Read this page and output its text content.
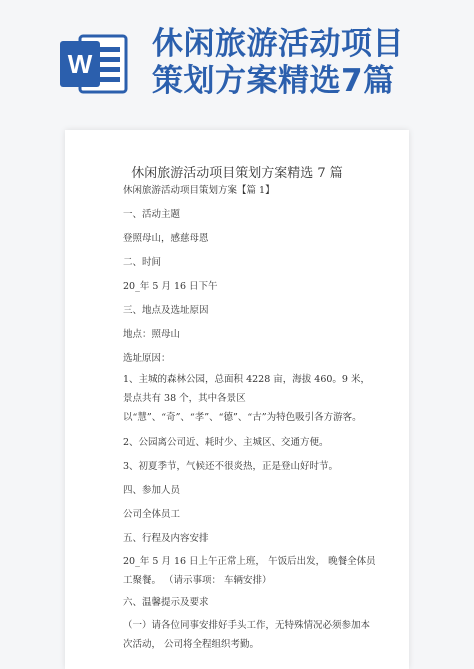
W
休闲旅游活动项目
策划方案精选7篇
休闲旅游活动项目策划方案精选 7 篇
休闲旅游活动项目策划方案【篇 1】
一、活动主题
登照母山，感慈母恩
二、时间
20_年 5 月 16 日下午
三、地点及选址原因
地点：照母山
选址原因：
1、主城的森林公园，总面积 4228 亩，海拔 460。9 米，景点共有 38 个，其中各景区以“慧”、“奇”、“孝”、“德”、“古”为特色吸引各方游客。
2、公园离公司近、耗时少、主城区、交通方便。
3、初夏季节，气候还不很炎热，正是登山好时节。
四、参加人员
公司全体员工
五、行程及内容安排
20_年 5 月 16 日上午正常上班， 午饭后出发， 晚餐全体员工聚餐。 （请示事项： 车辆安排）
六、温馨提示及要求
（一）请各位同事安排好手头工作，无特殊情况必须参加本次活动， 公司将全程组织考勤。
